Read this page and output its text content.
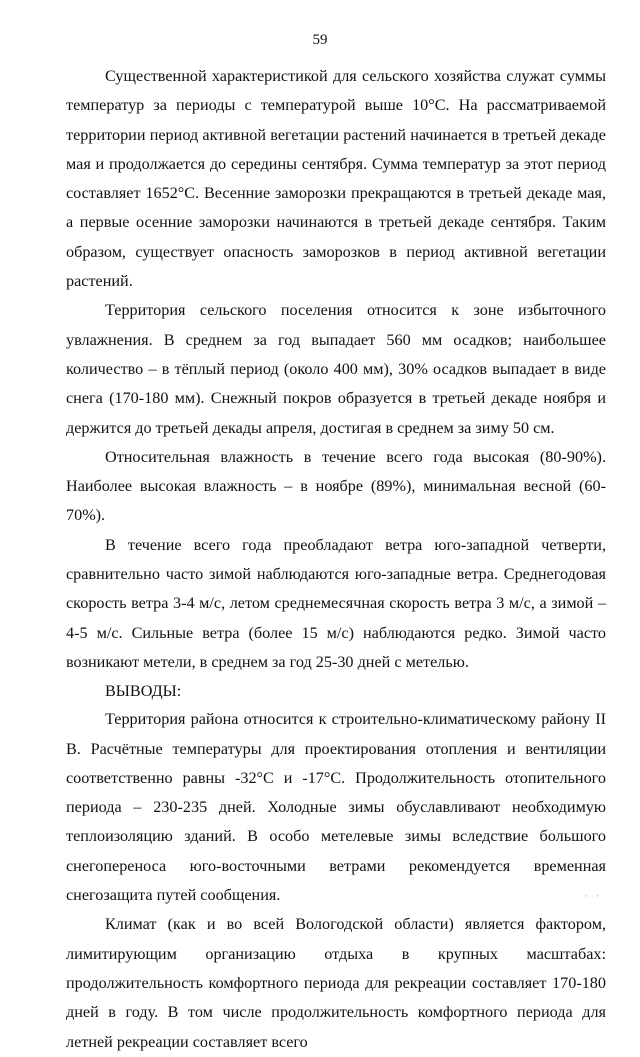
59

Существенной характеристикой для сельского хозяйства служат суммы температур за периоды с температурой выше 10°С. На рассматриваемой территории период активной вегетации растений начинается в третьей декаде мая и продолжается до середины сентября. Сумма температур за этот период составляет 1652°С. Весенние заморозки прекращаются в третьей декаде мая, а первые осенние заморозки начинаются в третьей декаде сентября. Таким образом, существует опасность заморозков в период активной вегетации растений.

Территория сельского поселения относится к зоне избыточного увлажнения. В среднем за год выпадает 560 мм осадков; наибольшее количество – в тёплый период (около 400 мм), 30% осадков выпадает в виде снега (170-180 мм). Снежный покров образуется в третьей декаде ноября и держится до третьей декады апреля, достигая в среднем за зиму 50 см.

Относительная влажность в течение всего года высокая (80-90%). Наиболее высокая влажность – в ноябре (89%), минимальная весной (60-70%).

В течение всего года преобладают ветра юго-западной четверти, сравнительно часто зимой наблюдаются юго-западные ветра. Среднегодовая скорость ветра 3-4 м/с, летом среднемесячная скорость ветра 3 м/с, а зимой – 4-5 м/с. Сильные ветра (более 15 м/с) наблюдаются редко. Зимой часто возникают метели, в среднем за год 25-30 дней с метелью.

ВЫВОДЫ:

Территория района относится к строительно-климатическому району II В. Расчётные температуры для проектирования отопления и вентиляции соответственно равны -32°С и -17°С. Продолжительность отопительного периода – 230-235 дней. Холодные зимы обуславливают необходимую теплоизоляцию зданий. В особо метелевые зимы вследствие большого снегопереноса юго-восточными ветрами рекомендуется временная снегозащита путей сообщения.

Климат (как и во всей Вологодской области) является фактором, лимитирующим организацию отдыха в крупных масштабах: продолжительность комфортного периода для рекреации составляет 170-180 дней в году. В том числе продолжительность комфортного периода для летней рекреации составляет всего

· ·
